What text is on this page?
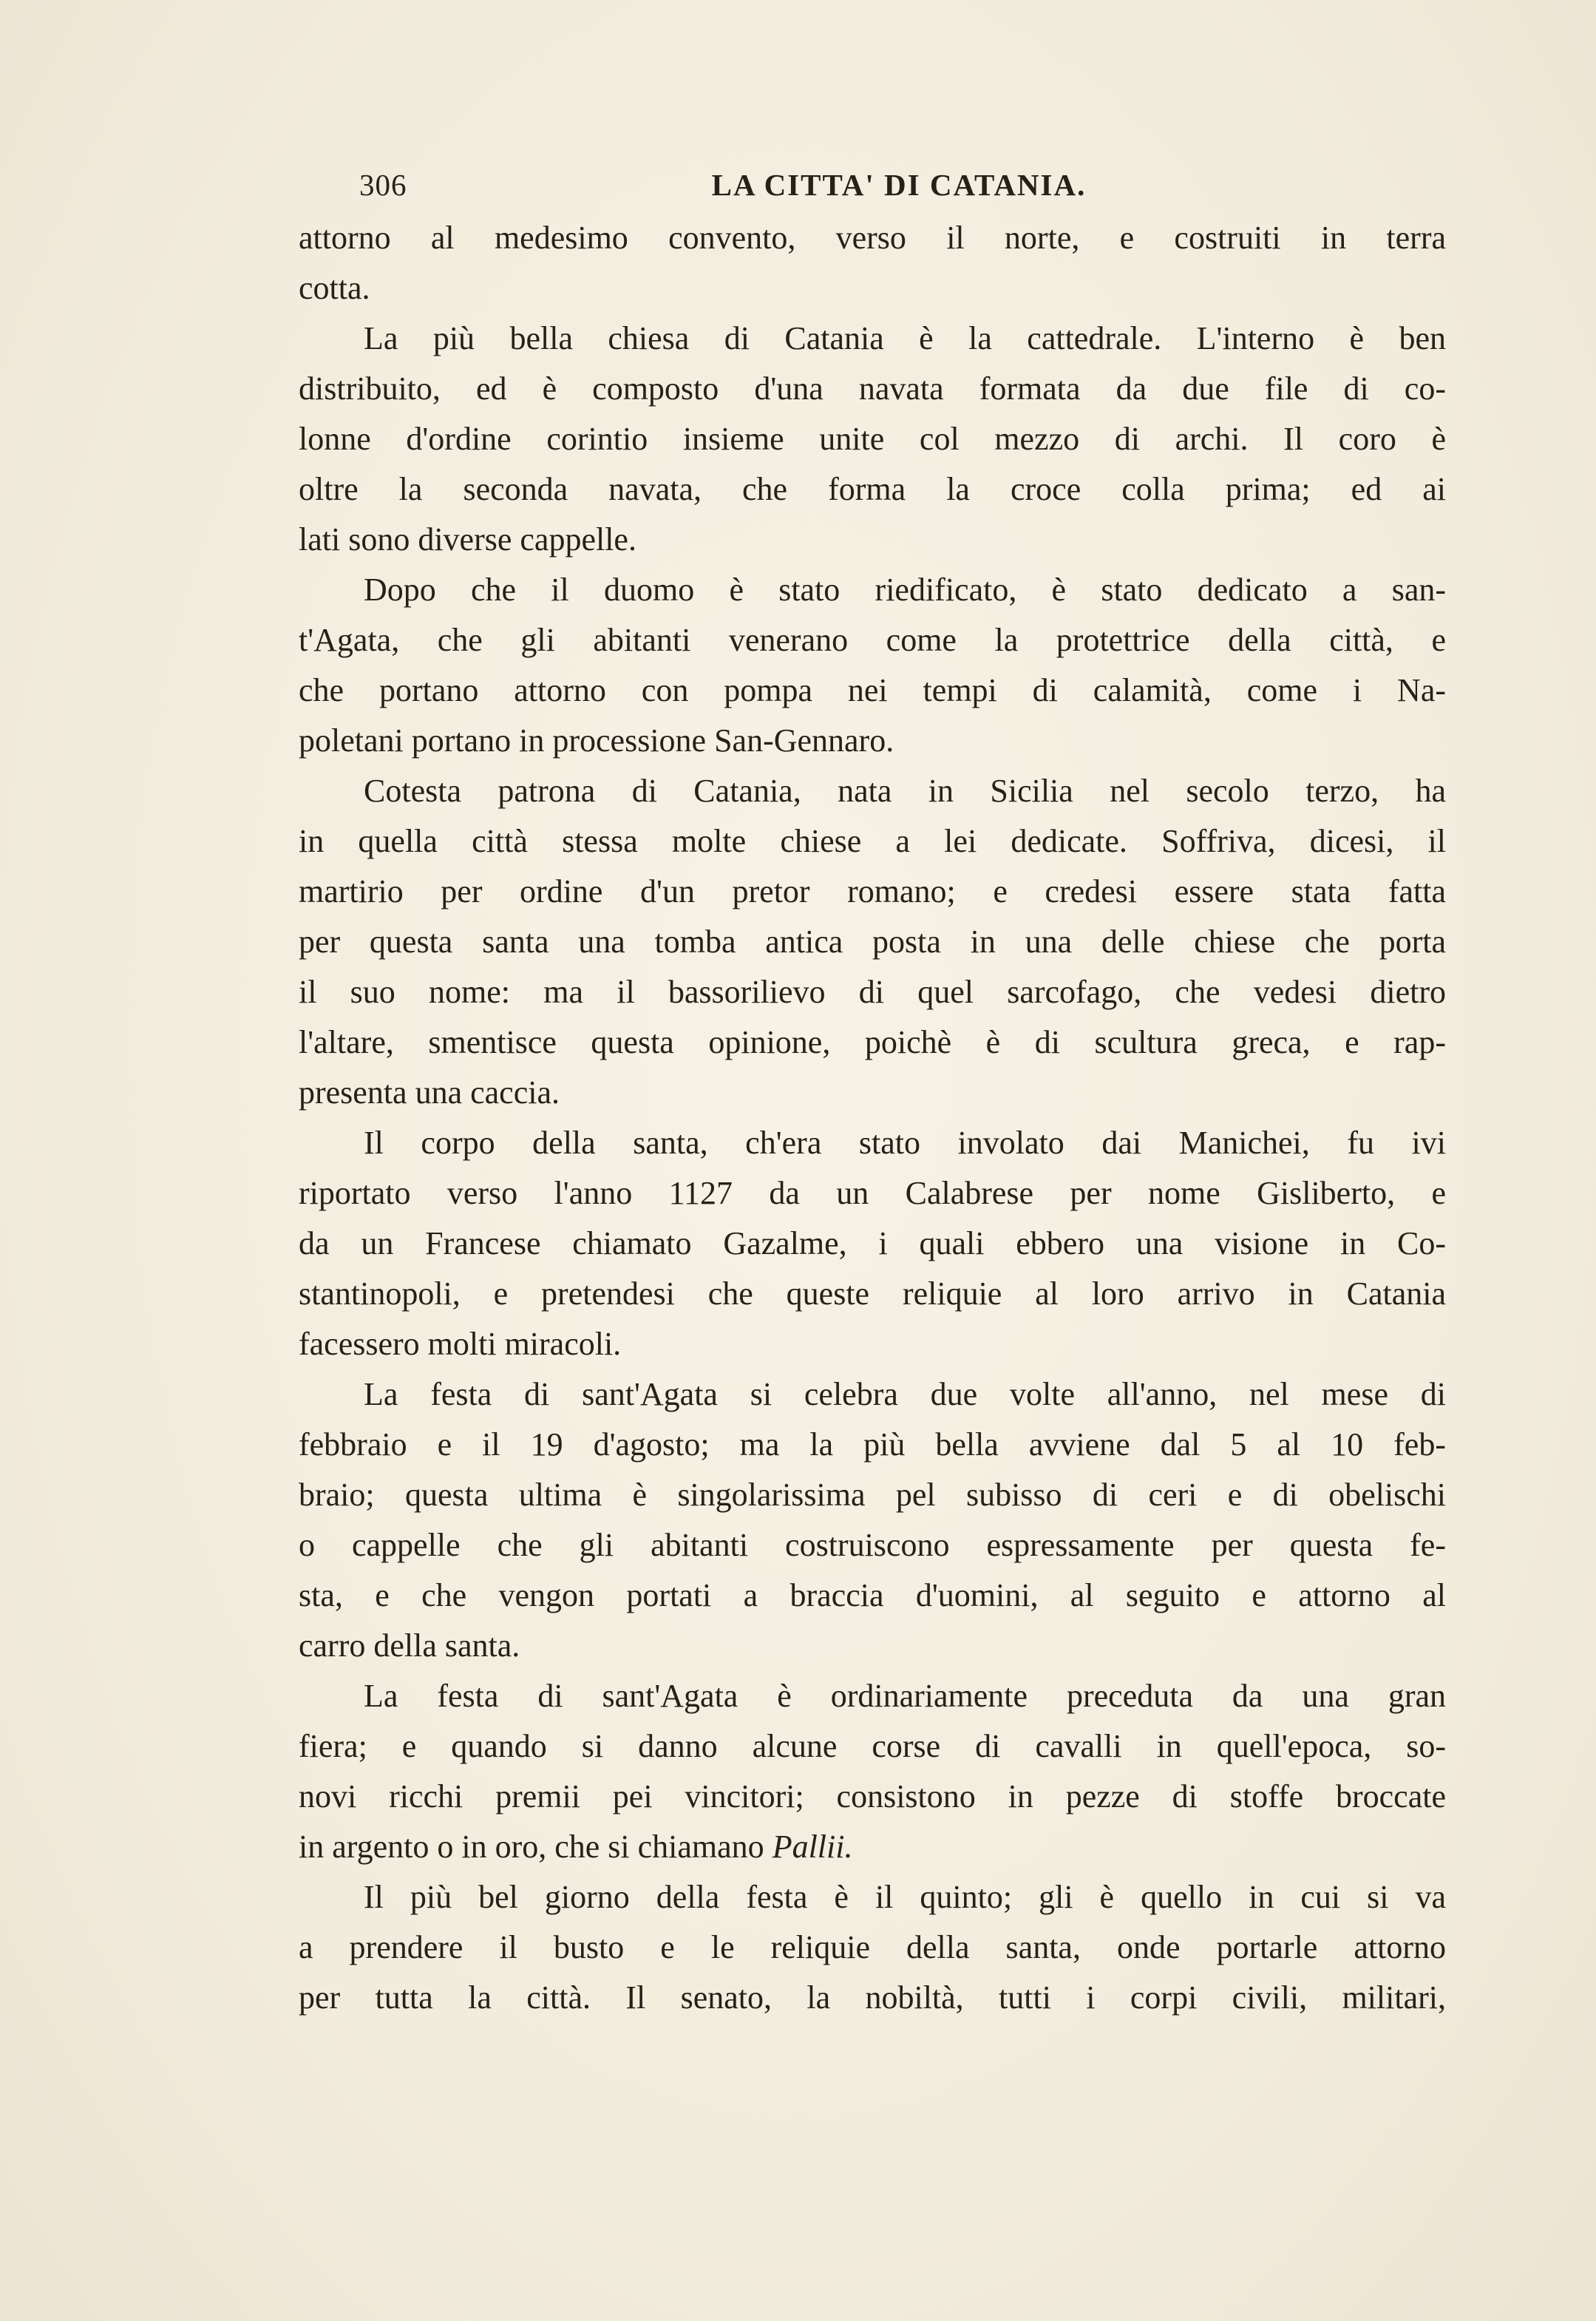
306	LA CITTA' DI CATANIA.
attorno al medesimo convento, verso il norte, e costruiti in terra
cotta.
La più bella chiesa di Catania è la cattedrale. L'interno è ben
distribuito, ed è composto d'una navata formata da due file di co-
lonne d'ordine corintio insieme unite col mezzo di archi. Il coro è
oltre la seconda navata, che forma la croce colla prima; ed ai
lati sono diverse cappelle.
Dopo che il duomo è stato riedificato, è stato dedicato a san-
t'Agata, che gli abitanti venerano come la protettrice della città, e
che portano attorno con pompa nei tempi di calamità, come i Na-
poletani portano in processione San-Gennaro.
Cotesta patrona di Catania, nata in Sicilia nel secolo terzo, ha
in quella città stessa molte chiese a lei dedicate. Soffriva, dicesi, il
martirio per ordine d'un pretor romano; e credesi essere stata fatta
per questa santa una tomba antica posta in una delle chiese che porta
il suo nome: ma il bassorilievo di quel sarcofago, che vedesi dietro
l'altare, smentisce questa opinione, poichè è di scultura greca, e rap-
presenta una caccia.
Il corpo della santa, ch'era stato involato dai Manichei, fu ivi
riportato verso l'anno 1127 da un Calabrese per nome Gisliberto, e
da un Francese chiamato Gazalme, i quali ebbero una visione in Co-
stantinopoli, e pretendesi che queste reliquie al loro arrivo in Catania
facessero molti miracoli.
La festa di sant'Agata si celebra due volte all'anno, nel mese di
febbraio e il 19 d'agosto; ma la più bella avviene dal 5 al 10 feb-
braio; questa ultima è singolarissima pel subisso di ceri e di obelischi
o cappelle che gli abitanti costruiscono espressamente per questa fe-
sta, e che vengon portati a braccia d'uomini, al seguito e attorno al
carro della santa.
La festa di sant'Agata è ordinariamente preceduta da una gran
fiera; e quando si danno alcune corse di cavalli in quell'epoca, so-
novi ricchi premii pei vincitori; consistono in pezze di stoffe broccate
in argento o in oro, che si chiamano Pallii.
Il più bel giorno della festa è il quinto; gli è quello in cui si va
a prendere il busto e le reliquie della santa, onde portarle attorno
per tutta la città. Il senato, la nobiltà, tutti i corpi civili, militari,
